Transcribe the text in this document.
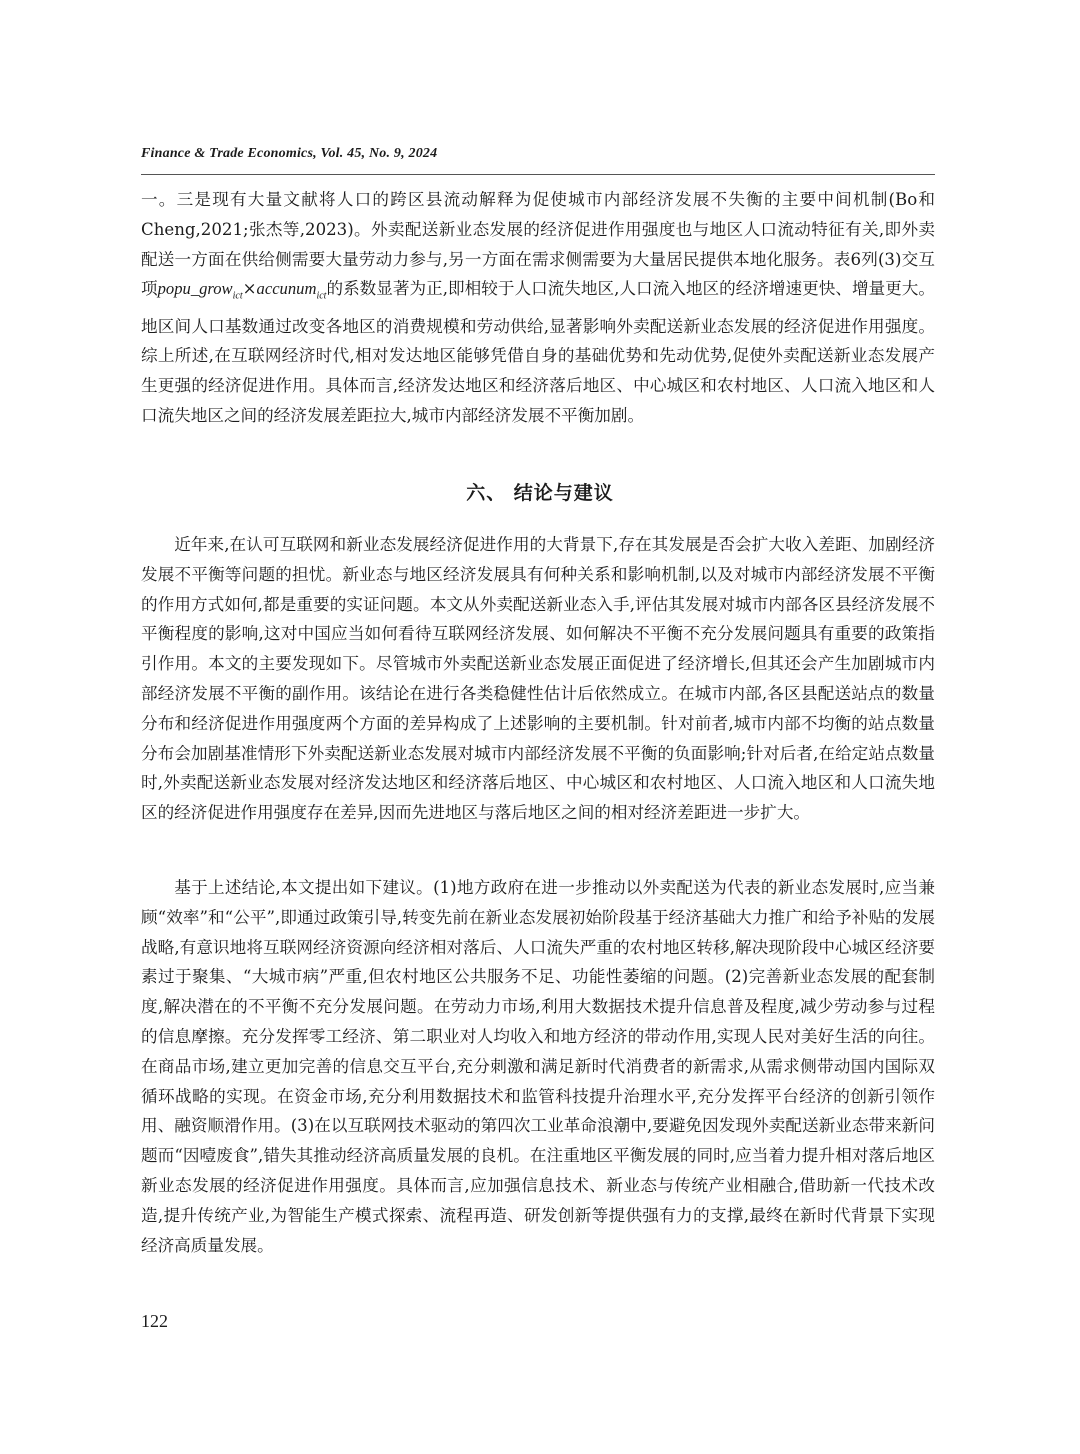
Finance & Trade Economics, Vol. 45, No. 9, 2024

一。三是现有大量文献将人口的跨区县流动解释为促使城市内部经济发展不失衡的主要中间机制(Bo和Cheng,2021;张杰等,2023)。外卖配送新业态发展的经济促进作用强度也与地区人口流动特征有关,即外卖配送一方面在供给侧需要大量劳动力参与,另一方面在需求侧需要为大量居民提供本地化服务。表6列(3)交互项popu_grow$_{ict}$×accunum$_{ict}$的系数显著为正,即相较于人口流失地区,人口流入地区的经济增速更快、增量更大。地区间人口基数通过改变各地区的消费规模和劳动供给,显著影响外卖配送新业态发展的经济促进作用强度。综上所述,在互联网经济时代,相对发达地区能够凭借自身的基础优势和先动优势,促使外卖配送新业态发展产生更强的经济促进作用。具体而言,经济发达地区和经济落后地区、中心城区和农村地区、人口流入地区和人口流失地区之间的经济发展差距拉大,城市内部经济发展不平衡加剧。

六、 结论与建议

近年来,在认可互联网和新业态发展经济促进作用的大背景下,存在其发展是否会扩大收入差距、加剧经济发展不平衡等问题的担忧。新业态与地区经济发展具有何种关系和影响机制,以及对城市内部经济发展不平衡的作用方式如何,都是重要的实证问题。本文从外卖配送新业态入手,评估其发展对城市内部各区县经济发展不平衡程度的影响,这对中国应当如何看待互联网经济发展、如何解决不平衡不充分发展问题具有重要的政策指引作用。本文的主要发现如下。尽管城市外卖配送新业态发展正面促进了经济增长,但其还会产生加剧城市内部经济发展不平衡的副作用。该结论在进行各类稳健性估计后依然成立。在城市内部,各区县配送站点的数量分布和经济促进作用强度两个方面的差异构成了上述影响的主要机制。针对前者,城市内部不均衡的站点数量分布会加剧基准情形下外卖配送新业态发展对城市内部经济发展不平衡的负面影响;针对后者,在给定站点数量时,外卖配送新业态发展对经济发达地区和经济落后地区、中心城区和农村地区、人口流入地区和人口流失地区的经济促进作用强度存在差异,因而先进地区与落后地区之间的相对经济差距进一步扩大。

基于上述结论,本文提出如下建议。(1)地方政府在进一步推动以外卖配送为代表的新业态发展时,应当兼顾“效率”和“公平”,即通过政策引导,转变先前在新业态发展初始阶段基于经济基础大力推广和给予补贴的发展战略,有意识地将互联网经济资源向经济相对落后、人口流失严重的农村地区转移,解决现阶段中心城区经济要素过于聚集、“大城市病”严重,但农村地区公共服务不足、功能性萎缩的问题。(2)完善新业态发展的配套制度,解决潜在的不平衡不充分发展问题。在劳动力市场,利用大数据技术提升信息普及程度,减少劳动参与过程的信息摩擦。充分发挥零工经济、第二职业对人均收入和地方经济的带动作用,实现人民对美好生活的向往。在商品市场,建立更加完善的信息交互平台,充分刺激和满足新时代消费者的新需求,从需求侧带动国内国际双循环战略的实现。在资金市场,充分利用数据技术和监管科技提升治理水平,充分发挥平台经济的创新引领作用、融资顺滑作用。(3)在以互联网技术驱动的第四次工业革命浪潮中,要避免因发现外卖配送新业态带来新问题而“因噎废食”,错失其推动经济高质量发展的良机。在注重地区平衡发展的同时,应当着力提升相对落后地区新业态发展的经济促进作用强度。具体而言,应加强信息技术、新业态与传统产业相融合,借助新一代技术改造,提升传统产业,为智能生产模式探索、流程再造、研发创新等提供强有力的支撑,最终在新时代背景下实现经济高质量发展。

122
